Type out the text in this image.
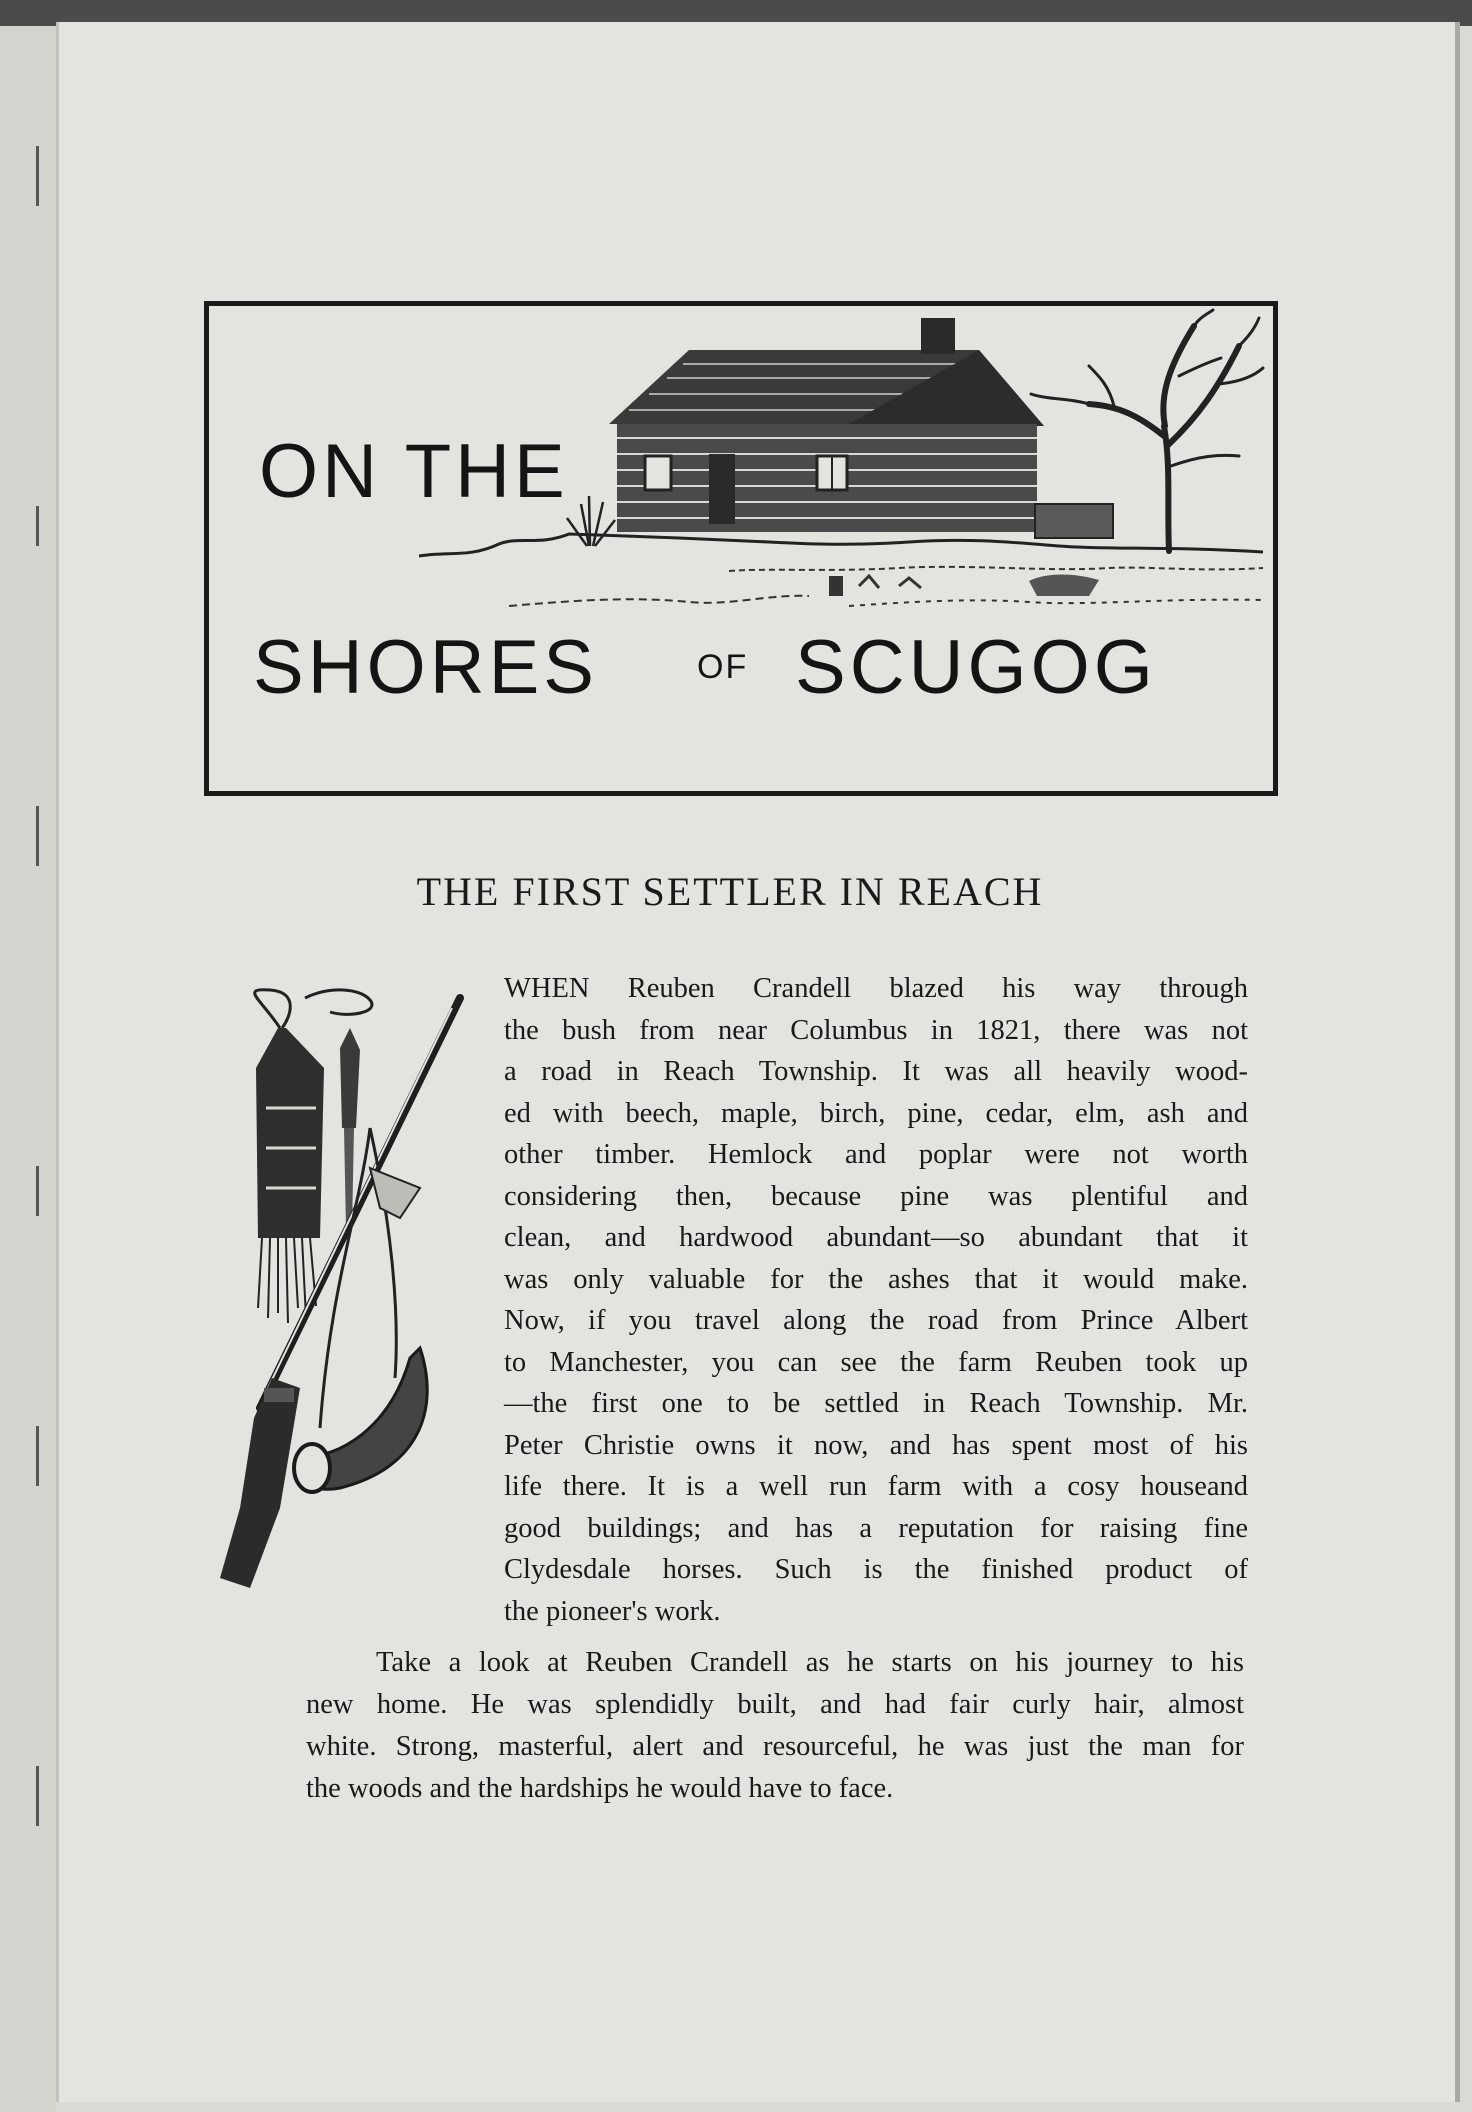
ON THE
SHORES	OF SCUGOG
THE FIRST SETTLER IN REACH
WHEN Reuben Crandell blazed his way through
the bush from near Columbus in 1821, there was not
a road in Reach Township. It was all heavily wood-
ed with beech, maple, birch, pine, cedar, elm, ash and
other timber. Hemlock and poplar were not worth
considering then, because pine was plentiful and
clean, and hardwood abundant—so abundant that it
was only valuable for the ashes that it would make.
Now, if you travel along the road from Prince Albert
to Manchester, you can see the farm Reuben took up
—the first one to be settled in Reach Township. Mr.
Peter Christie owns it now, and has spent most of his
life there. It is a well run farm with a cosy houseand
good buildings; and has a reputation for raising fine
Clydesdale horses. Such is the finished product of
the pioneer's work.
Take a look at Reuben Crandell as he starts on his journey to his
new home. He was splendidly built, and had fair curly hair, almost
white. Strong, masterful, alert and resourceful, he was just the man for
the woods and the hardships he would have to face.
